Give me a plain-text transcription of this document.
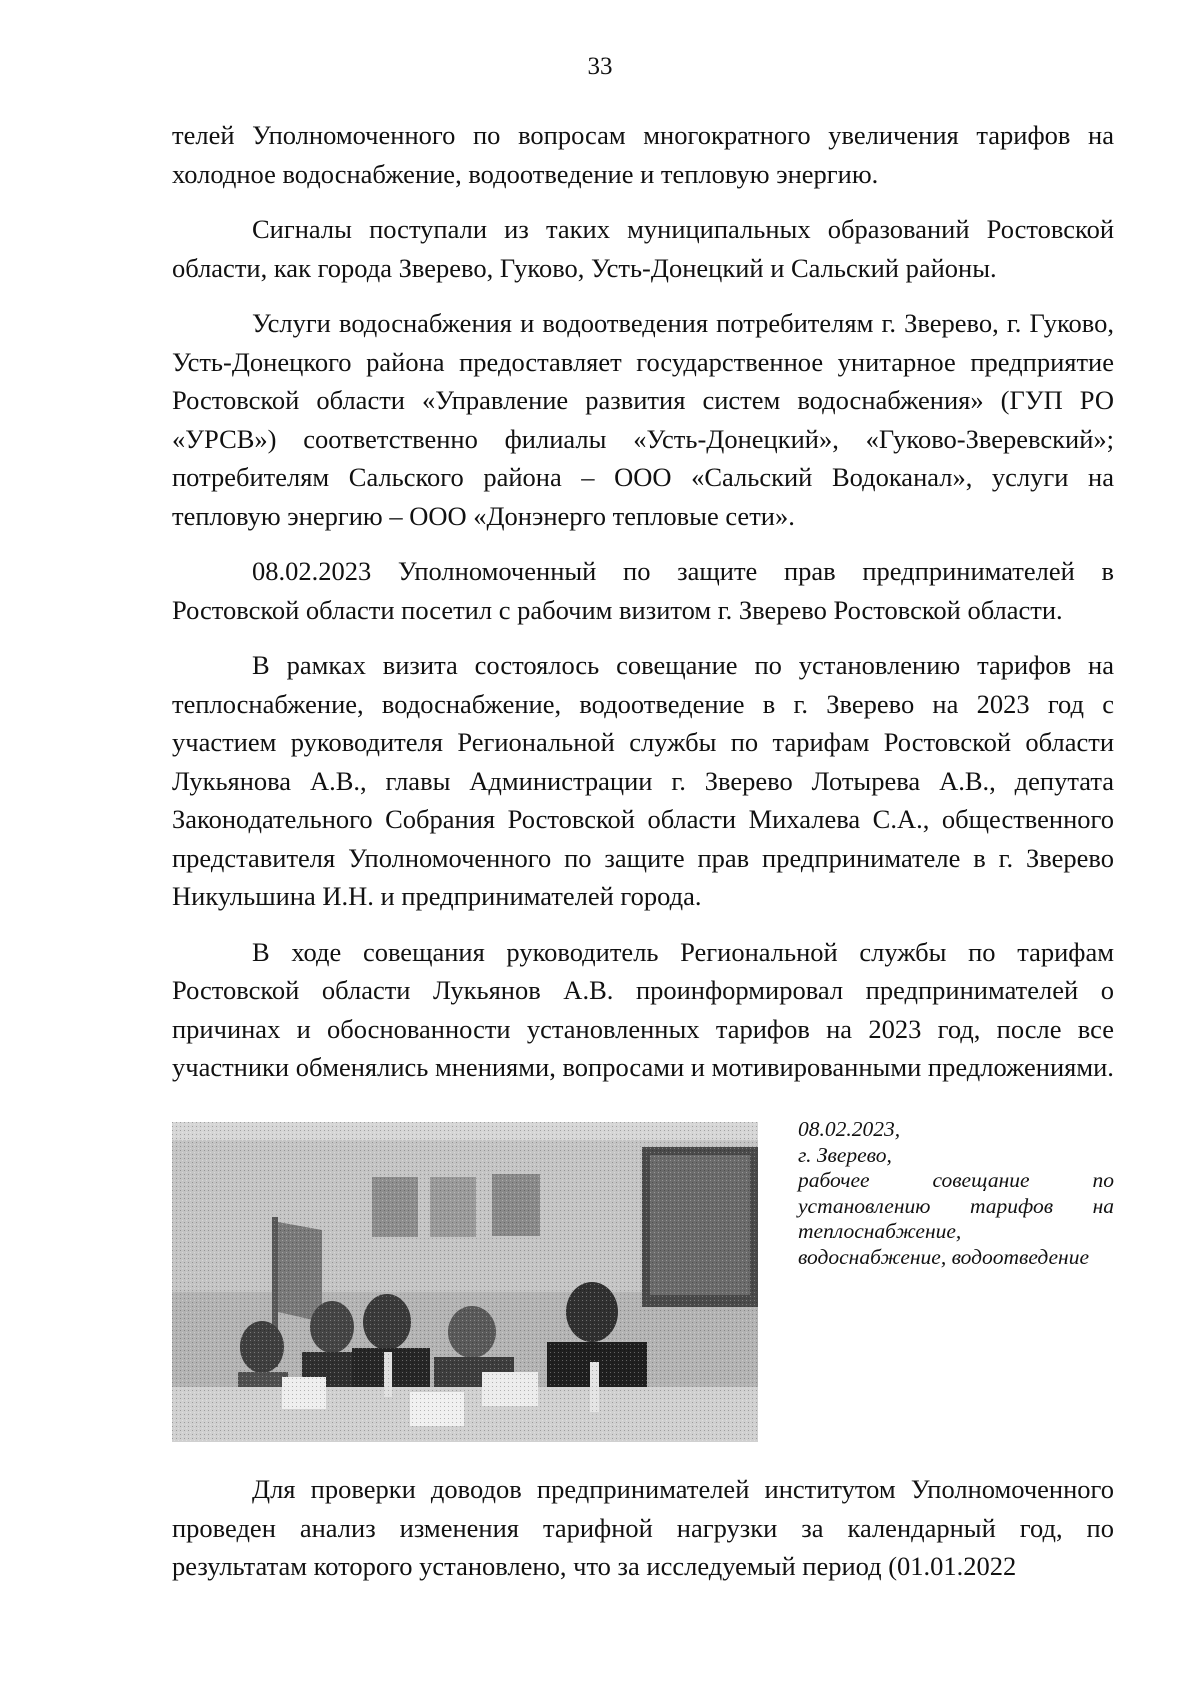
33

телей Уполномоченного по вопросам многократного увеличения тарифов на холодное водоснабжение, водоотведение и тепловую энергию.

Сигналы поступали из таких муниципальных образований Ростовской области, как города Зверево, Гуково, Усть-Донецкий и Сальский районы.

Услуги водоснабжения и водоотведения потребителям г. Зверево, г. Гуково, Усть-Донецкого района предоставляет государственное унитарное предприятие Ростовской области «Управление развития систем водоснабжения» (ГУП РО «УРСВ») соответственно филиалы «Усть-Донецкий», «Гуково-Зверевский»; потребителям Сальского района – ООО «Сальский Водоканал», услуги на тепловую энергию – ООО «Донэнерго тепловые сети».

08.02.2023 Уполномоченный по защите прав предпринимателей в Ростовской области посетил с рабочим визитом г. Зверево Ростовской области.

В рамках визита состоялось совещание по установлению тарифов на теплоснабжение, водоснабжение, водоотведение в г. Зверево на 2023 год с участием руководителя Региональной службы по тарифам Ростовской области Лукьянова А.В., главы Администрации г. Зверево Лотырева А.В., депутата Законодательного Собрания Ростовской области Михалева С.А., общественного представителя Уполномоченного по защите прав предпринимателе в г. Зверево Никульшина И.Н. и предпринимателей города.

В ходе совещания руководитель Региональной службы по тарифам Ростовской области Лукьянов А.В. проинформировал предпринимателей о причинах и обоснованности установленных тарифов на 2023 год, после все участники обменялись мнениями, вопросами и мотивированными предложениями.

08.02.2023,
г. Зверево,
рабочее совещание по установлению тарифов на теплоснабжение, водоснабжение, водоотведение

Для проверки доводов предпринимателей институтом Уполномоченного проведен анализ изменения тарифной нагрузки за календарный год, по результатам которого установлено, что за исследуемый период (01.01.2022
